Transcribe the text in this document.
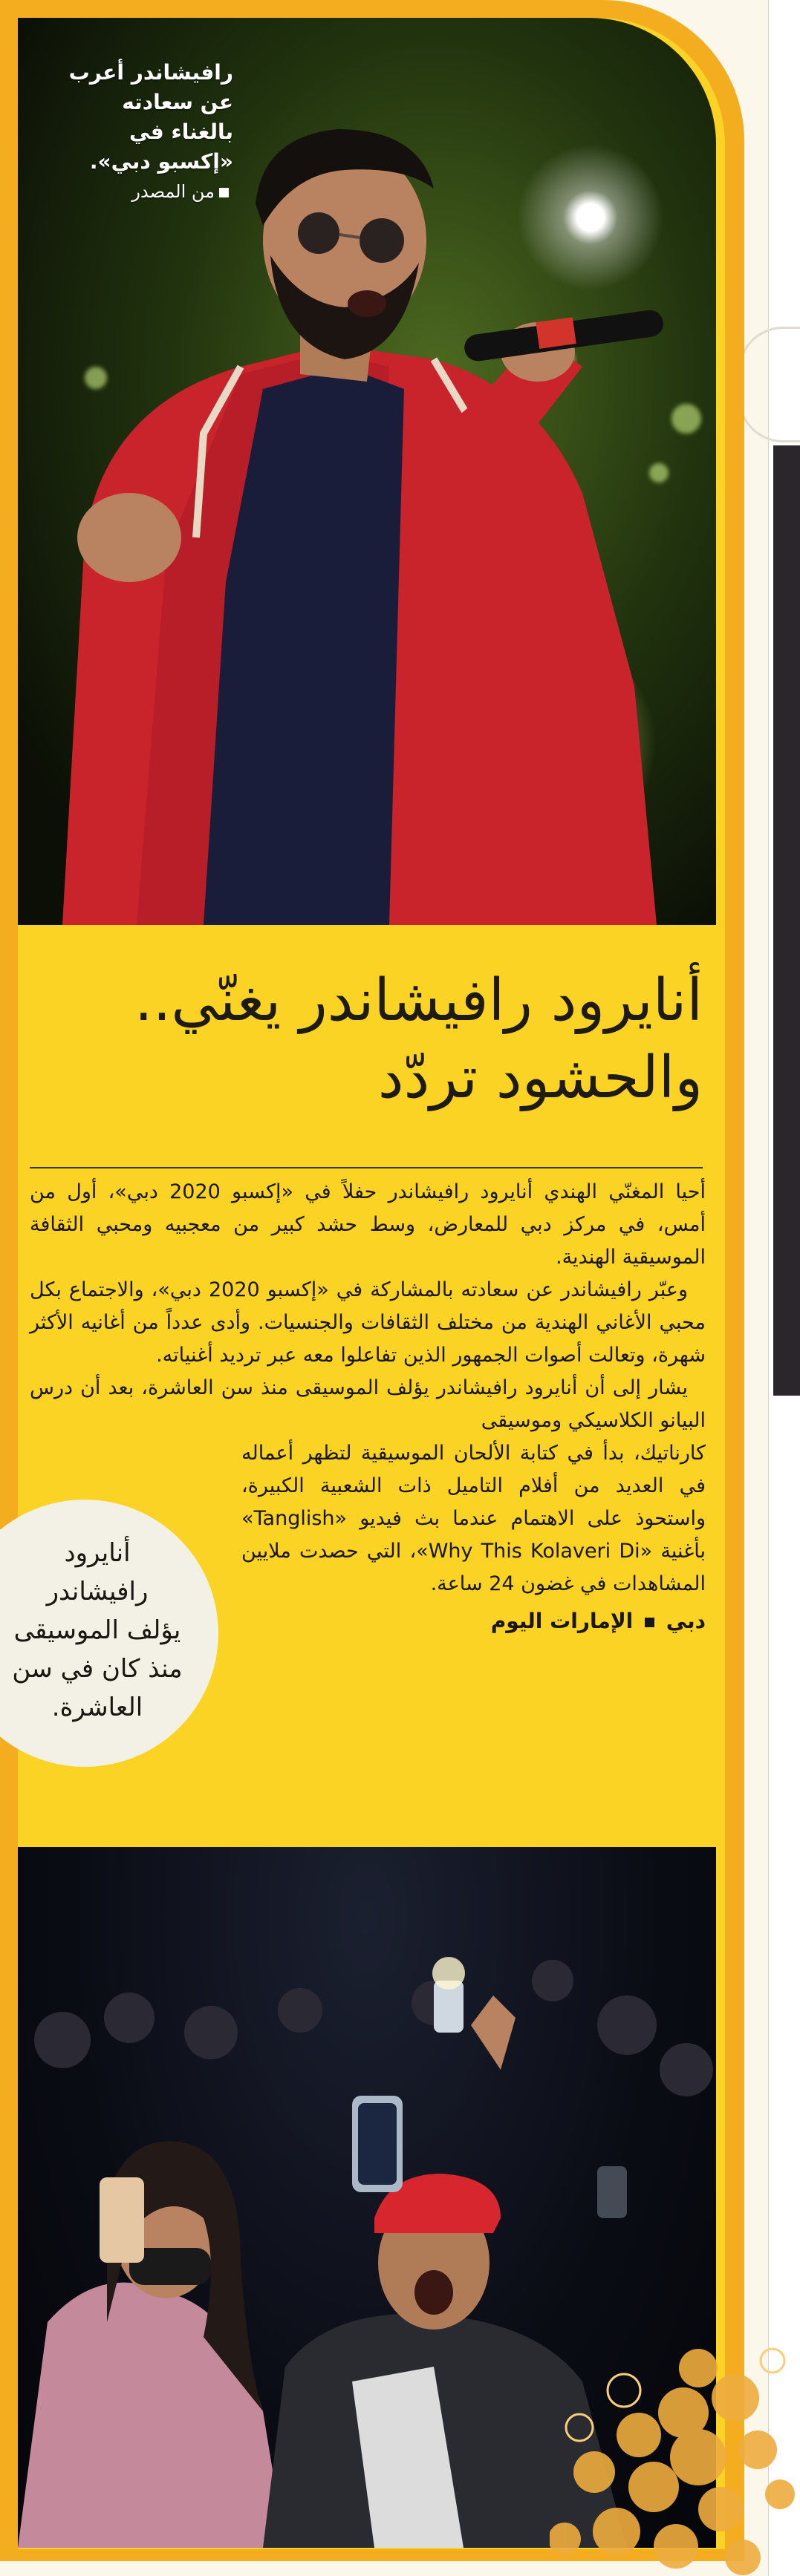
رافيشاندر أعرب
عن سعادته
بالغناء في
«إكسبو دبي».
من المصدر
أنايرود رافيشاندر يغنّي..
والحشود تردّد

أحيا المغنّي الهندي أنايرود رافيشاندر حفلاً في «إكسبو 2020 دبي»، أول من أمس، في مركز دبي للمعارض، وسط حشد كبير من معجبيه ومحبي الثقافة الموسيقية الهندية.

وعبّر رافيشاندر عن سعادته بالمشاركة في «إكسبو 2020 دبي»، والاجتماع بكل محبي الأغاني الهندية من مختلف الثقافات والجنسيات. وأدى عدداً من أغانيه الأكثر شهرة، وتعالت أصوات الجمهور الذين تفاعلوا معه عبر ترديد أغنياته.

يشار إلى أن أنايرود رافيشاندر يؤلف الموسيقى منذ سن العاشرة، بعد أن درس البيانو الكلاسيكي وموسيقى

كارناتيك، بدأ في كتابة الألحان الموسيقية لتظهر أعماله في العديد من أفلام التاميل ذات الشعبية الكبيرة، واستحوذ على الاهتمام عندما بث فيديو «Tanglish» بأغنية «Why This Kolaveri Di»، التي حصدت ملايين المشاهدات في غضون 24 ساعة.

دبي  الإمارات اليوم
أنايرود
رافيشاندر
يؤلف الموسيقى
منذ كان في سن
العاشرة.
